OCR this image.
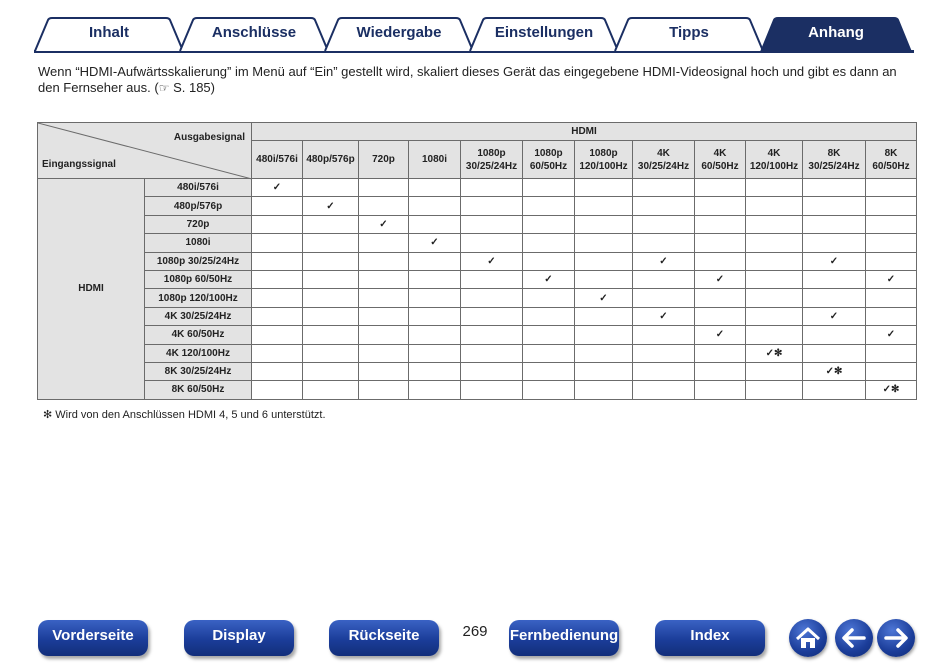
Inhalt	Anschlüsse	Wiedergabe	Einstellungen	Tipps	Anhang

Wenn “HDMI-Aufwärtsskalierung” im Menü auf “Ein” gestellt wird, skaliert dieses Gerät das eingegebene HDMI-Videosignal hoch und gibt es dann an den Fernseher aus. (☞ S. 185)

Ausgabesignal
Eingangssignal		HDMI											
		480i/576i	480p/576p	720p	1080i	1080p 30/25/24Hz	1080p 60/50Hz	1080p 120/100Hz	4K 30/25/24Hz	4K 60/50Hz	4K 120/100Hz	8K 30/25/24Hz	8K 60/50Hz
HDMI	480i/576i	✓											
	480p/576p		✓										
	720p			✓									
	1080i				✓								
	1080p 30/25/24Hz					✓			✓			✓	
	1080p 60/50Hz						✓			✓			✓
	1080p 120/100Hz							✓					
	4K 30/25/24Hz								✓			✓	
	4K 60/50Hz									✓			✓
	4K 120/100Hz										✓✻		
	8K 30/25/24Hz											✓✻	
	8K 60/50Hz												✓✻

✻ Wird von den Anschlüssen HDMI 4, 5 und 6 unterstützt.

Vorderseite	Display	Rückseite	269	Fernbedienung	Index
